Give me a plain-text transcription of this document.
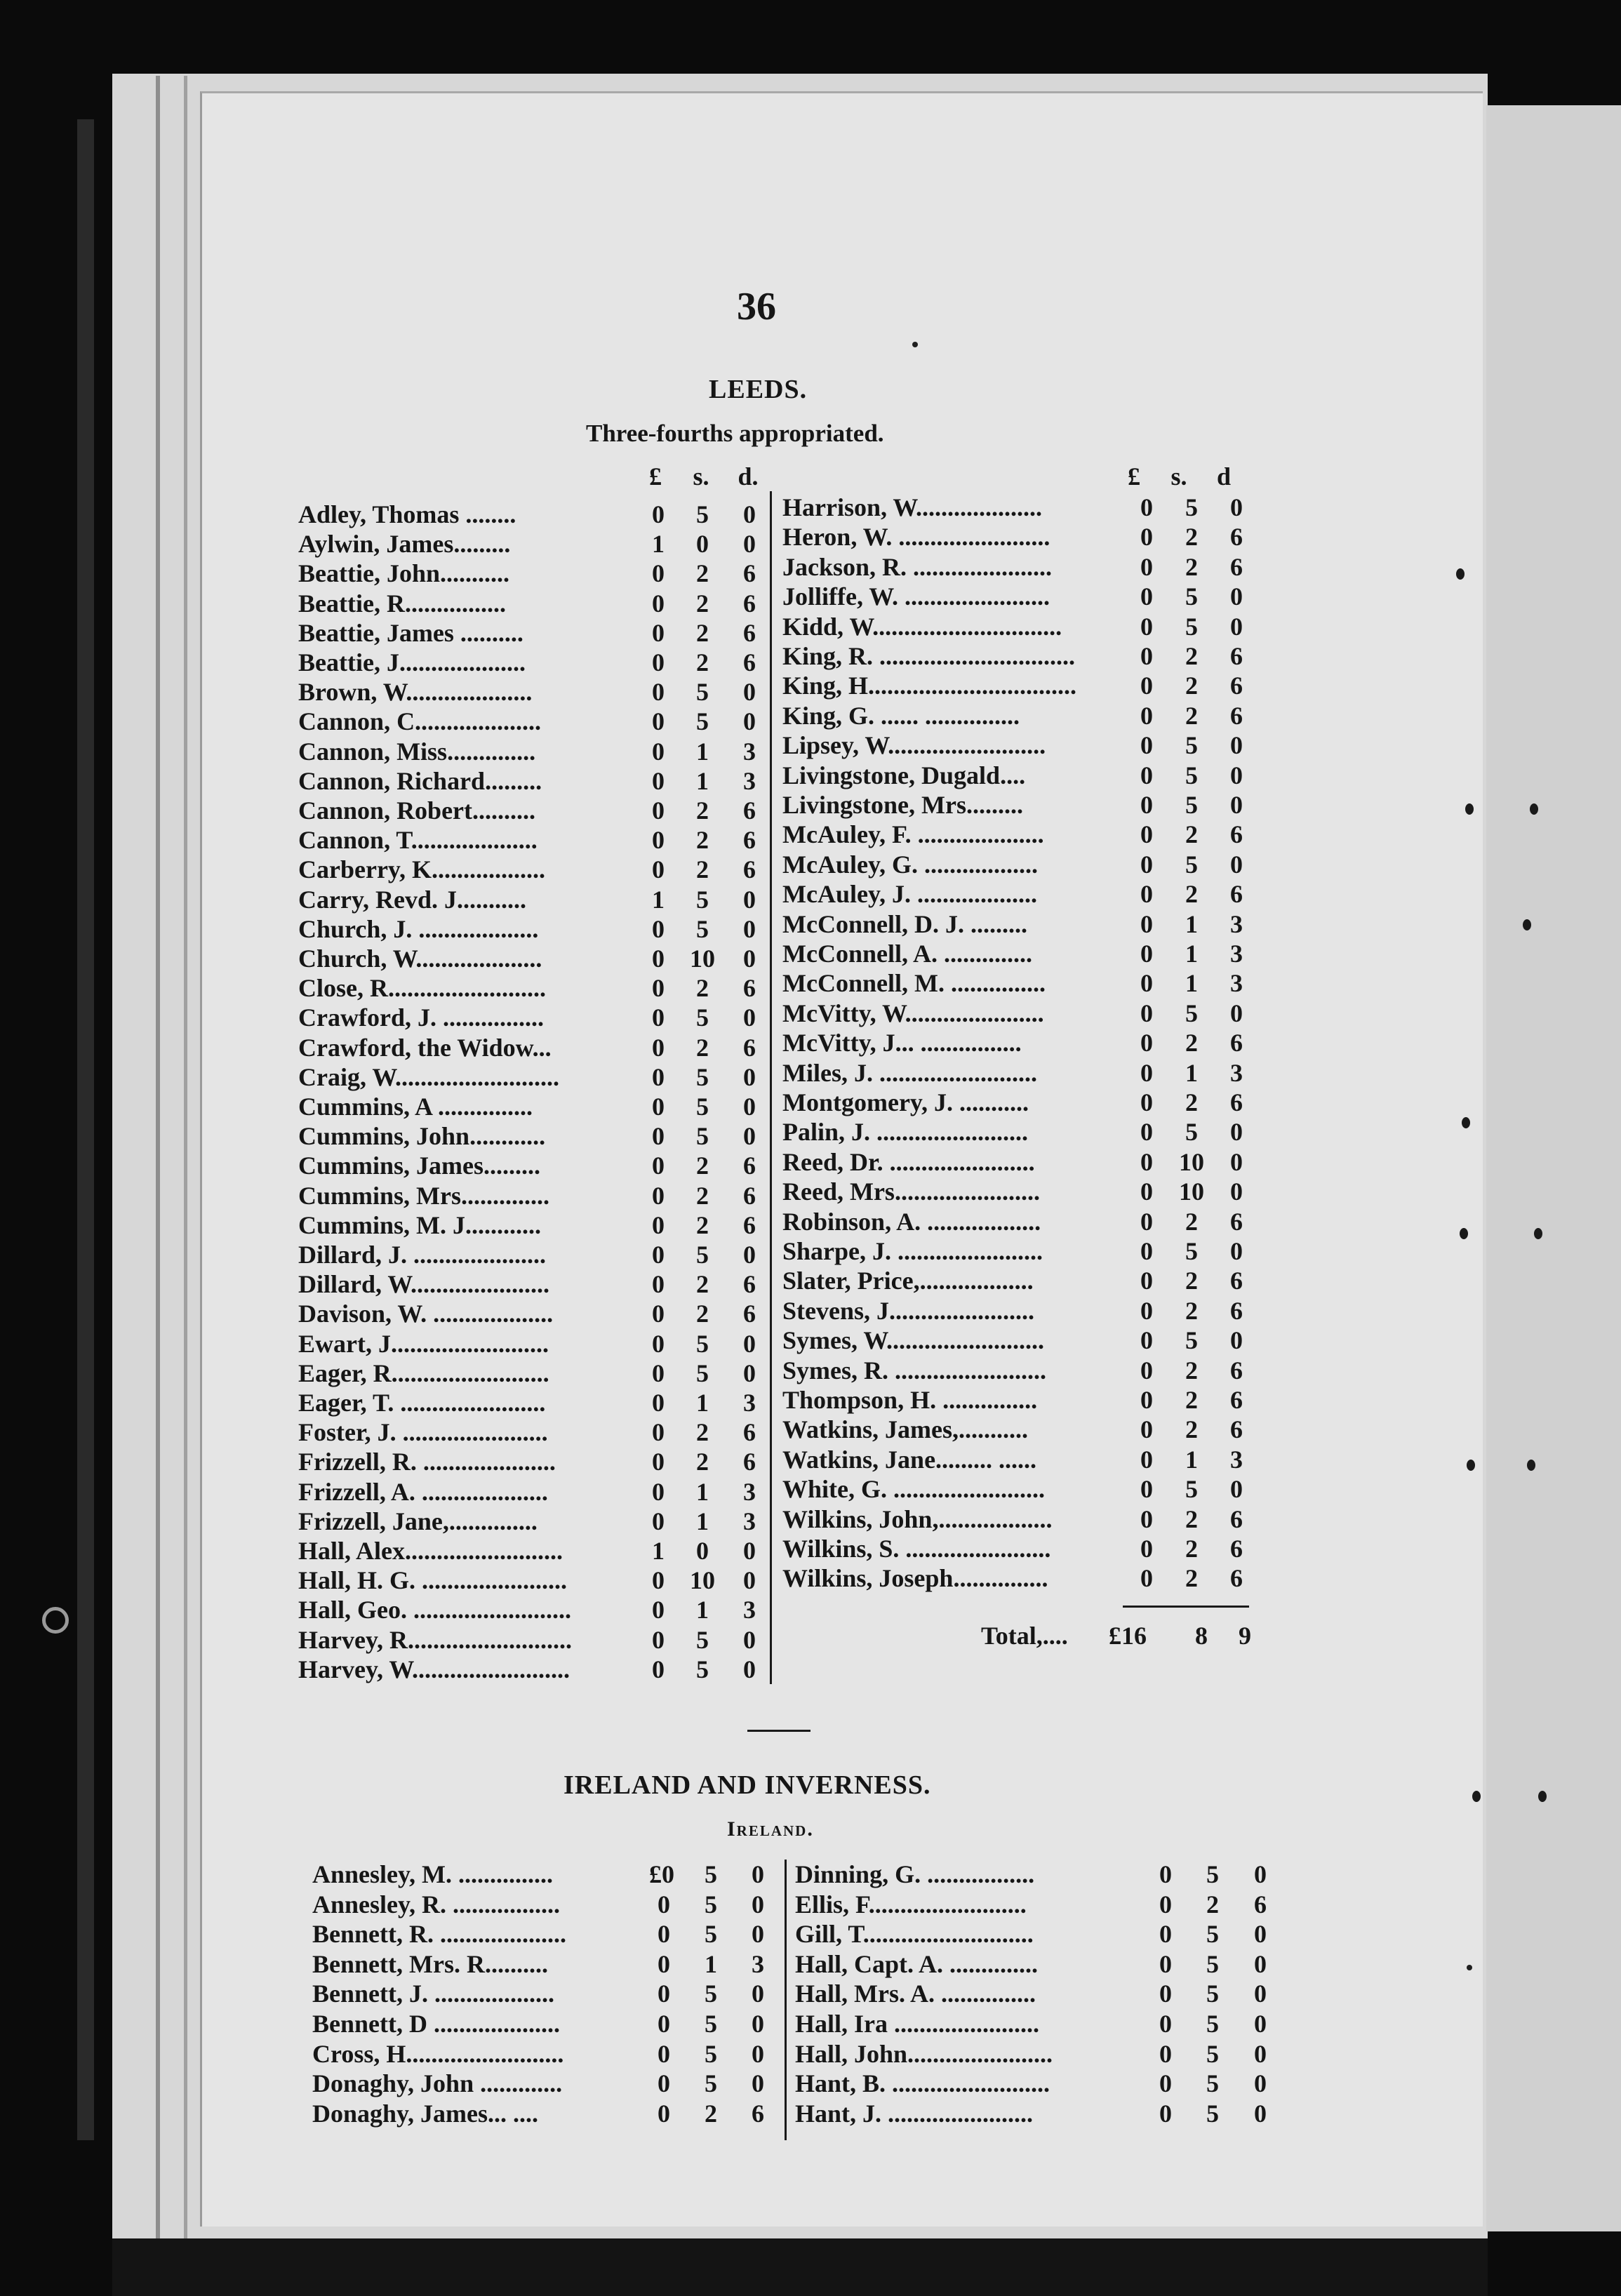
36
LEEDS.
Three-fourths appropriated.
£	s. d.	£	s. d
Adley, Thomas ........	0	5	0
Aylwin, James.........	1	0	0
Beattie, John...........	0	2	6
Beattie, R................	0	2	6
Beattie, James ..........	0	2	6
Beattie, J....................	0	2	6
Brown, W....................	0	5	0
Cannon, C....................	0	5	0
Cannon, Miss..............	0	1	3
Cannon, Richard.........	0	1	3
Cannon, Robert..........	0	2	6
Cannon, T....................	0	2	6
Carberry, K..................	0	2	6
Carry, Revd. J...........	1	5	0
Church, J. ...................	0	5	0
Church, W....................	0	10	0
Close, R.........................	0	2	6
Crawford, J. ................	0	5	0
Crawford, the Widow...	0	2	6
Craig, W..........................	0	5	0
Cummins, A ...............	0	5	0
Cummins, John............	0	5	0
Cummins, James.........	0	2	6
Cummins, Mrs..............	0	2	6
Cummins, M. J............	0	2	6
Dillard, J. .....................	0	5	0
Dillard, W......................	0	2	6
Davison, W. ...................	0	2	6
Ewart, J.........................	0	5	0
Eager, R.........................	0	5	0
Eager, T. .......................	0	1	3
Foster, J. .......................	0	2	6
Frizzell, R. .....................	0	2	6
Frizzell, A. ....................	0	1	3
Frizzell, Jane,..............	0	1	3
Hall, Alex.........................	1	0	0
Hall, H. G. .......................	0	10	0
Hall, Geo. .........................	0	1	3
Harvey, R..........................	0	5	0
Harvey, W.........................	0	5	0
Harrison, W....................	0	5	0
Heron, W. ........................	0	2	6
Jackson, R. ......................	0	2	6
Jolliffe, W. .......................	0	5	0
Kidd, W..............................	0	5	0
King, R. ...............................	0	2	6
King, H.................................	0	2	6
King, G. ...... ...............	0	2	6
Lipsey, W.........................	0	5	0
Livingstone, Dugald....	0	5	0
Livingstone, Mrs.........	0	5	0
McAuley, F. ....................	0	2	6
McAuley, G. ..................	0	5	0
McAuley, J. ...................	0	2	6
McConnell, D. J. .........	0	1	3
McConnell, A. ..............	0	1	3
McConnell, M. ...............	0	1	3
McVitty, W......................	0	5	0
McVitty, J... ................	0	2	6
Miles, J. .........................	0	1	3
Montgomery, J. ...........	0	2	6
Palin, J. ........................	0	5	0
Reed, Dr. .......................	0	10	0
Reed, Mrs.......................	0	10	0
Robinson, A. ..................	0	2	6
Sharpe, J. .......................	0	5	0
Slater, Price,..................	0	2	6
Stevens, J.......................	0	2	6
Symes, W.........................	0	5	0
Symes, R. ........................	0	2	6
Thompson, H. ...............	0	2	6
Watkins, James,...........	0	2	6
Watkins, Jane......... ......	0	1	3
White, G. ........................	0	5	0
Wilkins, John,..................	0	2	6
Wilkins, S. .......................	0	2	6
Wilkins, Joseph...............	0	2	6
Total,.... £16	8	9
IRELAND AND INVERNESS.
Ireland.
Annesley, M. ...............	£0	5	0
Annesley, R. .................	0	5	0
Bennett, R. ....................	0	5	0
Bennett, Mrs. R..........	0	1	3
Bennett, J. ...................	0	5	0
Bennett, D ....................	0	5	0
Cross, H.........................	0	5	0
Donaghy, John .............	0	5	0
Donaghy, James... ....	0	2	6
Dinning, G. .................	0	5	0
Ellis, F.........................	0	2	6
Gill, T...........................	0	5	0
Hall, Capt. A. ..............	0	5	0
Hall, Mrs. A. ...............	0	5	0
Hall, Ira .......................	0	5	0
Hall, John.......................	0	5	0
Hant, B. .........................	0	5	0
Hant, J. .......................	0	5	0
